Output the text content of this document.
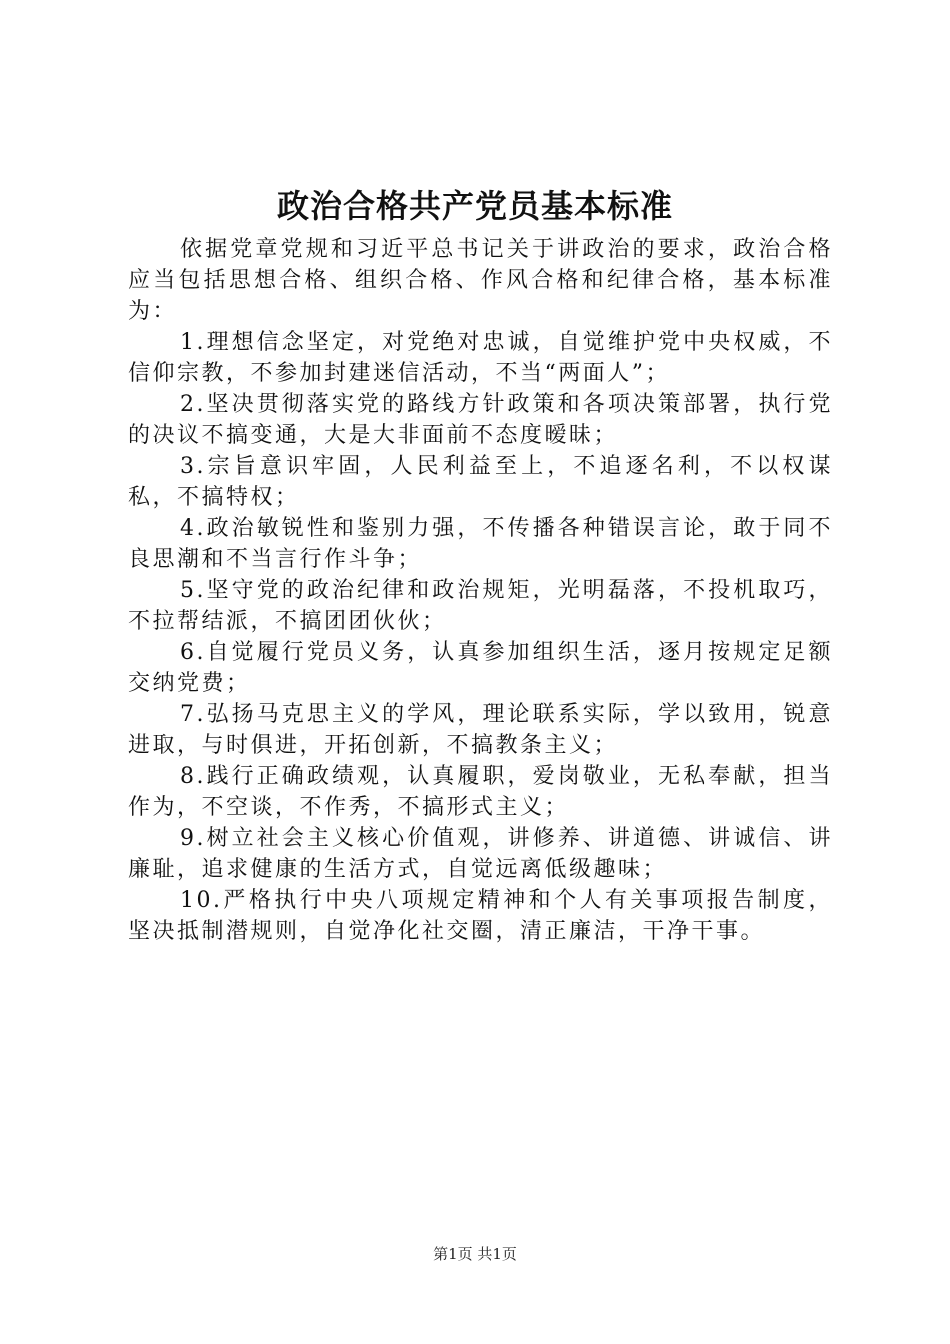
政治合格共产党员基本标准

依据党章党规和习近平总书记关于讲政治的要求，政治合格应当包括思想合格、组织合格、作风合格和纪律合格，基本标准为：

1.理想信念坚定，对党绝对忠诚，自觉维护党中央权威，不信仰宗教，不参加封建迷信活动，不当“两面人”；

2.坚决贯彻落实党的路线方针政策和各项决策部署，执行党的决议不搞变通，大是大非面前不态度暧昧；

3.宗旨意识牢固，人民利益至上，不追逐名利，不以权谋私，不搞特权；

4.政治敏锐性和鉴别力强，不传播各种错误言论，敢于同不良思潮和不当言行作斗争；

5.坚守党的政治纪律和政治规矩，光明磊落，不投机取巧，不拉帮结派，不搞团团伙伙；

6.自觉履行党员义务，认真参加组织生活，逐月按规定足额交纳党费；

7.弘扬马克思主义的学风，理论联系实际，学以致用，锐意进取，与时俱进，开拓创新，不搞教条主义；

8.践行正确政绩观，认真履职，爱岗敬业，无私奉献，担当作为，不空谈，不作秀，不搞形式主义；

9.树立社会主义核心价值观，讲修养、讲道德、讲诚信、讲廉耻，追求健康的生活方式，自觉远离低级趣味；

10.严格执行中央八项规定精神和个人有关事项报告制度，坚决抵制潜规则，自觉净化社交圈，清正廉洁，干净干事。

第1页 共1页
